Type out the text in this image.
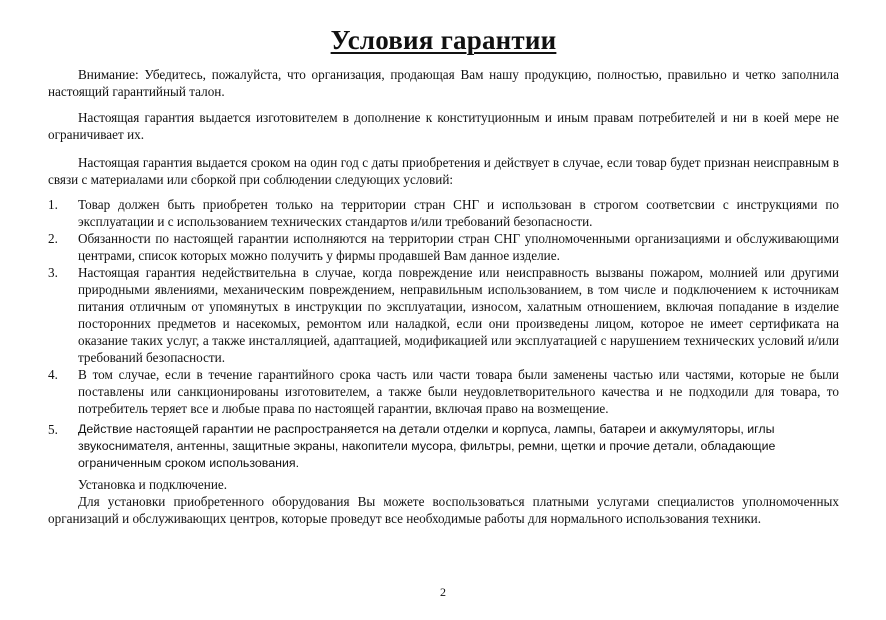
Условия гарантии

Внимание: Убедитесь, пожалуйста, что организация, продающая Вам нашу продукцию, полностью, правильно и четко заполнила настоящий гарантийный талон.

Настоящая гарантия выдается изготовителем в дополнение к конституционным и иным правам потребителей и ни в коей мере не ограничивает их.

Настоящая гарантия выдается сроком на один год с даты приобретения и действует в случае, если товар будет признан неисправным в связи с материалами или сборкой при соблюдении следующих условий:

1. Товар должен быть приобретен только на территории стран СНГ и использован в строгом соответсвии с инструкциями по эксплуатации и с использованием технических стандартов и/или требований безопасности.
2. Обязанности по настоящей гарантии исполняются на территории стран СНГ уполномоченными организациями и обслуживающими центрами, список которых можно получить у фирмы продавшей Вам данное изделие.
3. Настоящая гарантия недействительна в случае, когда повреждение или неисправность вызваны пожаром, молнией или другими природными явлениями, механическим повреждением, неправильным использованием, в том числе и подключением к источникам питания отличным от упомянутых в инструкции по эксплуатации, износом, халатным отношением, включая попадание в изделие посторонних предметов и насекомых, ремонтом или наладкой, если они произведены лицом, которое не имеет сертификата на оказание таких услуг, а также инсталляцией, адаптацией, модификацией или эксплуатацией с нарушением технических условий и/или требований безопасности.
4. В том случае, если в течение гарантийного срока часть или части товара были заменены частью или частями, которые не были поставлены или санкционированы изготовителем, а также были неудовлетворительного качества и не подходили для товара, то потребитель теряет все и любые права по настоящей гарантии, включая право на возмещение.
5. Действие настоящей гарантии не распространяется на детали отделки и корпуса, лампы, батареи и аккумуляторы, иглы звукоснимателя, антенны, защитные экраны, накопители мусора, фильтры, ремни, щетки и прочие детали, обладающие ограниченным сроком использования.

Установка и подключение.

Для установки приобретенного оборудования Вы можете воспользоваться платными услугами специалистов уполномоченных организаций и обслуживающих центров, которые проведут все необходимые работы для нормального использования техники.

2
